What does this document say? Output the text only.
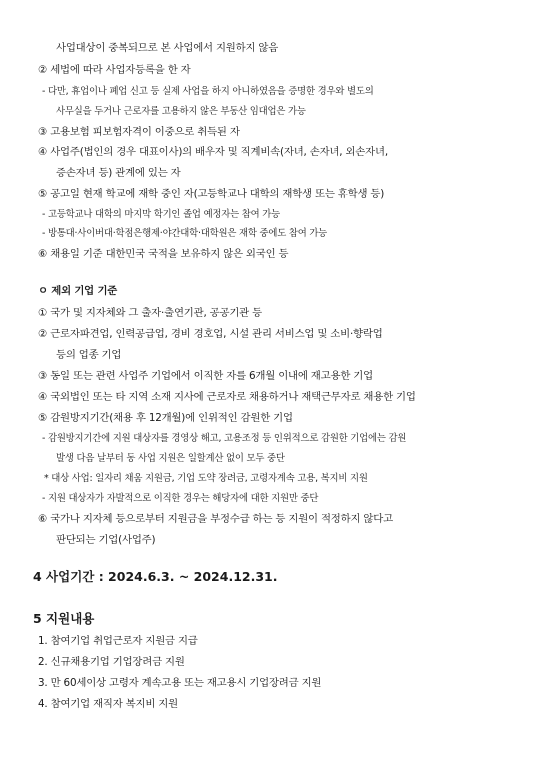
사업대상이 중복되므로 본 사업에서 지원하지 않음
② 세법에 따라 사업자등록을 한 자
- 다만, 휴업이나 폐업 신고 등 실제 사업을 하지 아니하였음을 증명한 경우와 별도의
사무실을 두거나 근로자를 고용하지 않은 부동산 임대업은 가능
③ 고용보험 피보험자격이 이중으로 취득된 자
④ 사업주(법인의 경우 대표이사)의 배우자 및 직계비속(자녀, 손자녀, 외손자녀,
증손자녀 등) 관계에 있는 자
⑤ 공고일 현재 학교에 재학 중인 자(고등학교나 대학의 재학생 또는 휴학생 등)
- 고등학교나 대학의 마지막 학기인 졸업 예정자는 참여 가능
- 방통대·사이버대·학점은행제·야간대학·대학원은 재학 중에도 참여 가능
⑥ 채용일 기준 대한민국 국적을 보유하지 않은 외국인 등
ㅇ 제외 기업 기준
① 국가 및 지자체와 그 출자·출연기관, 공공기관 등
② 근로자파견업, 인력공급업, 경비 경호업, 시설 관리 서비스업 및 소비·향락업
등의 업종 기업
③ 동일 또는 관련 사업주 기업에서 이직한 자를 6개월 이내에 재고용한 기업
④ 국외법인 또는 타 지역 소재 지사에 근로자로 채용하거나 재택근무자로 채용한 기업
⑤ 감원방지기간(채용 후 12개월)에 인위적인 감원한 기업
- 감원방지기간에 지원 대상자를 경영상 해고, 고용조정 등 인위적으로 감원한 기업에는 감원
발생 다음 날부터 동 사업 지원은 일할계산 없이 모두 중단
* 대상 사업: 일자리 채움 지원금, 기업 도약 장려금, 고령자계속 고용, 복지비 지원
- 지원 대상자가 자발적으로 이직한 경우는 해당자에 대한 지원만 중단
⑥ 국가나 지자체 등으로부터 지원금을 부정수급 하는 등 지원이 적정하지 않다고
판단되는 기업(사업주)
4 사업기간 : 2024.6.3. ~ 2024.12.31.
5 지원내용
1. 참여기업 취업근로자 지원금 지급
2. 신규채용기업 기업장려금 지원
3. 만 60세이상 고령자 계속고용 또는 재고용시 기업장려금 지원
4. 참여기업 재직자 복지비 지원
